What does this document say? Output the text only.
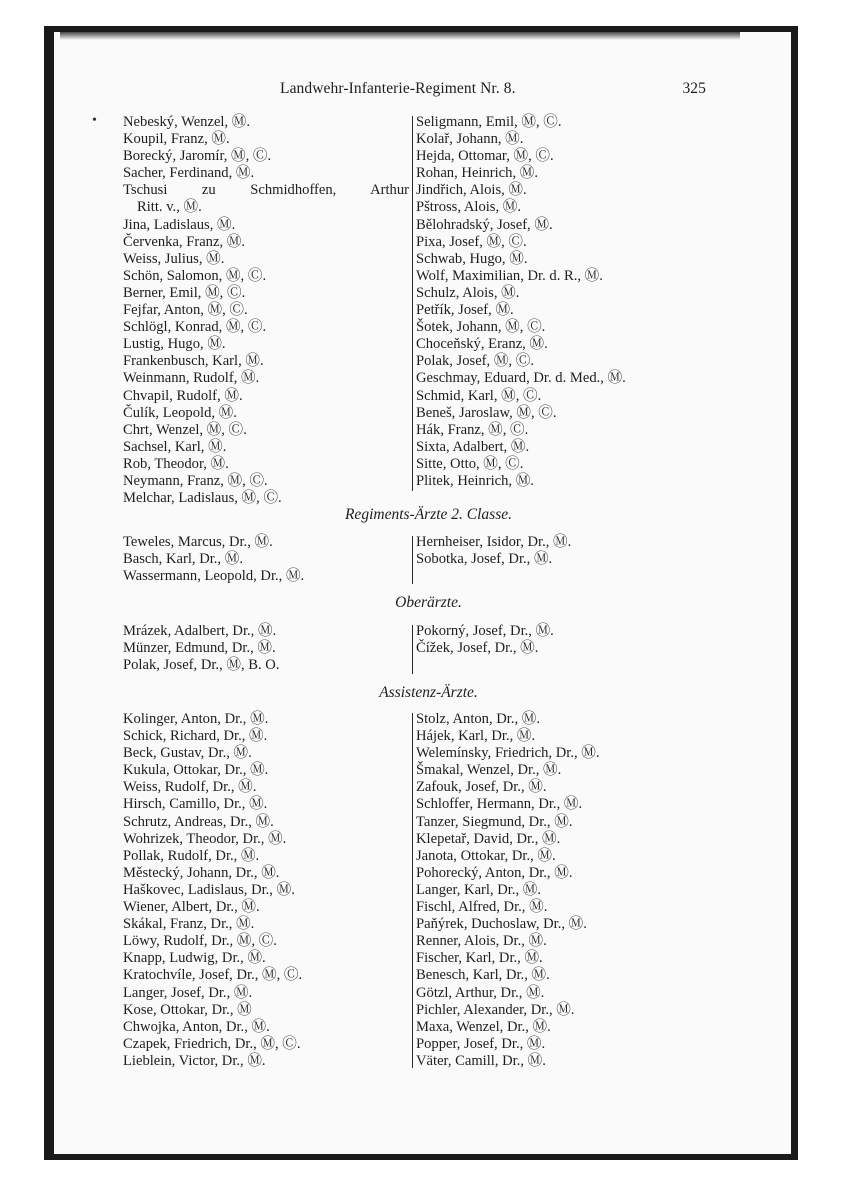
Landwehr-Infanterie-Regiment Nr. 8.	325
• Nebeský, Wenzel, Ⓜ.
Koupil, Franz, Ⓜ.
Borecký, Jaromír, Ⓜ, Ⓒ.
Sacher, Ferdinand, Ⓜ.
Tschusi zu Schmidhoffen, Arthur
Ritt. v., Ⓜ.
Jina, Ladislaus, Ⓜ.
Červenka, Franz, Ⓜ.
Weiss, Julius, Ⓜ.
Schön, Salomon, Ⓜ, Ⓒ.
Berner, Emil, Ⓜ, Ⓒ.
Fejfar, Anton, Ⓜ, Ⓒ.
Schlögl, Konrad, Ⓜ, Ⓒ.
Lustig, Hugo, Ⓜ.
Frankenbusch, Karl, Ⓜ.
Weinmann, Rudolf, Ⓜ.
Chvapil, Rudolf, Ⓜ.
Čulík, Leopold, Ⓜ.
Chrt, Wenzel, Ⓜ, Ⓒ.
Sachsel, Karl, Ⓜ.
Rob, Theodor, Ⓜ.
Neymann, Franz, Ⓜ, Ⓒ.
Melchar, Ladislaus, Ⓜ, Ⓒ.
Seligmann, Emil, Ⓜ, Ⓒ.
Kolař, Johann, Ⓜ.
Hejda, Ottomar, Ⓜ, Ⓒ.
Rohan, Heinrich, Ⓜ.
Jindřich, Alois, Ⓜ.
Pštross, Alois, Ⓜ.
Bělohradský, Josef, Ⓜ.
Pixa, Josef, Ⓜ, Ⓒ.
Schwab, Hugo, Ⓜ.
Wolf, Maximilian, Dr. d. R., Ⓜ.
Schulz, Alois, Ⓜ.
Petřík, Josef, Ⓜ.
Šotek, Johann, Ⓜ, Ⓒ.
Choceňský, Eranz, Ⓜ.
Polak, Josef, Ⓜ, Ⓒ.
Geschmay, Eduard, Dr. d. Med., Ⓜ.
Schmid, Karl, Ⓜ, Ⓒ.
Beneš, Jaroslaw, Ⓜ, Ⓒ.
Hák, Franz, Ⓜ, Ⓒ.
Sixta, Adalbert, Ⓜ.
Sitte, Otto, Ⓜ, Ⓒ.
Plitek, Heinrich, Ⓜ.
Regiments-Ärzte 2. Classe.
Teweles, Marcus, Dr., Ⓜ.
Basch, Karl, Dr., Ⓜ.
Wassermann, Leopold, Dr., Ⓜ.
Hernheiser, Isidor, Dr., Ⓜ.
Sobotka, Josef, Dr., Ⓜ.
Oberärzte.
Mrázek, Adalbert, Dr., Ⓜ.
Münzer, Edmund, Dr., Ⓜ.
Polak, Josef, Dr., Ⓜ, B. O.
Pokorný, Josef, Dr., Ⓜ.
Čížek, Josef, Dr., Ⓜ.
Assistenz-Ärzte.
Kolinger, Anton, Dr., Ⓜ.
Schick, Richard, Dr., Ⓜ.
Beck, Gustav, Dr., Ⓜ.
Kukula, Ottokar, Dr., Ⓜ.
Weiss, Rudolf, Dr., Ⓜ.
Hirsch, Camillo, Dr., Ⓜ.
Schrutz, Andreas, Dr., Ⓜ.
Wohrizek, Theodor, Dr., Ⓜ.
Pollak, Rudolf, Dr., Ⓜ.
Městecký, Johann, Dr., Ⓜ.
Haškovec, Ladislaus, Dr., Ⓜ.
Wiener, Albert, Dr., Ⓜ.
Skákal, Franz, Dr., Ⓜ.
Löwy, Rudolf, Dr., Ⓜ, Ⓒ.
Knapp, Ludwig, Dr., Ⓜ.
Kratochvíle, Josef, Dr., Ⓜ, Ⓒ.
Langer, Josef, Dr., Ⓜ.
Kose, Ottokar, Dr., Ⓜ
Chwojka, Anton, Dr., Ⓜ.
Czapek, Friedrich, Dr., Ⓜ, Ⓒ.
Lieblein, Victor, Dr., Ⓜ.
Stolz, Anton, Dr., Ⓜ.
Hájek, Karl, Dr., Ⓜ.
Welemínsky, Friedrich, Dr., Ⓜ.
Šmakal, Wenzel, Dr., Ⓜ.
Zafouk, Josef, Dr., Ⓜ.
Schloffer, Hermann, Dr., Ⓜ.
Tanzer, Siegmund, Dr., Ⓜ.
Klepetař, David, Dr., Ⓜ.
Janota, Ottokar, Dr., Ⓜ.
Pohorecký, Anton, Dr., Ⓜ.
Langer, Karl, Dr., Ⓜ.
Fischl, Alfred, Dr., Ⓜ.
Paňýrek, Duchoslaw, Dr., Ⓜ.
Renner, Alois, Dr., Ⓜ.
Fischer, Karl, Dr., Ⓜ.
Benesch, Karl, Dr., Ⓜ.
Götzl, Arthur, Dr., Ⓜ.
Pichler, Alexander, Dr., Ⓜ.
Maxa, Wenzel, Dr., Ⓜ.
Popper, Josef, Dr., Ⓜ.
Väter, Camill, Dr., Ⓜ.
